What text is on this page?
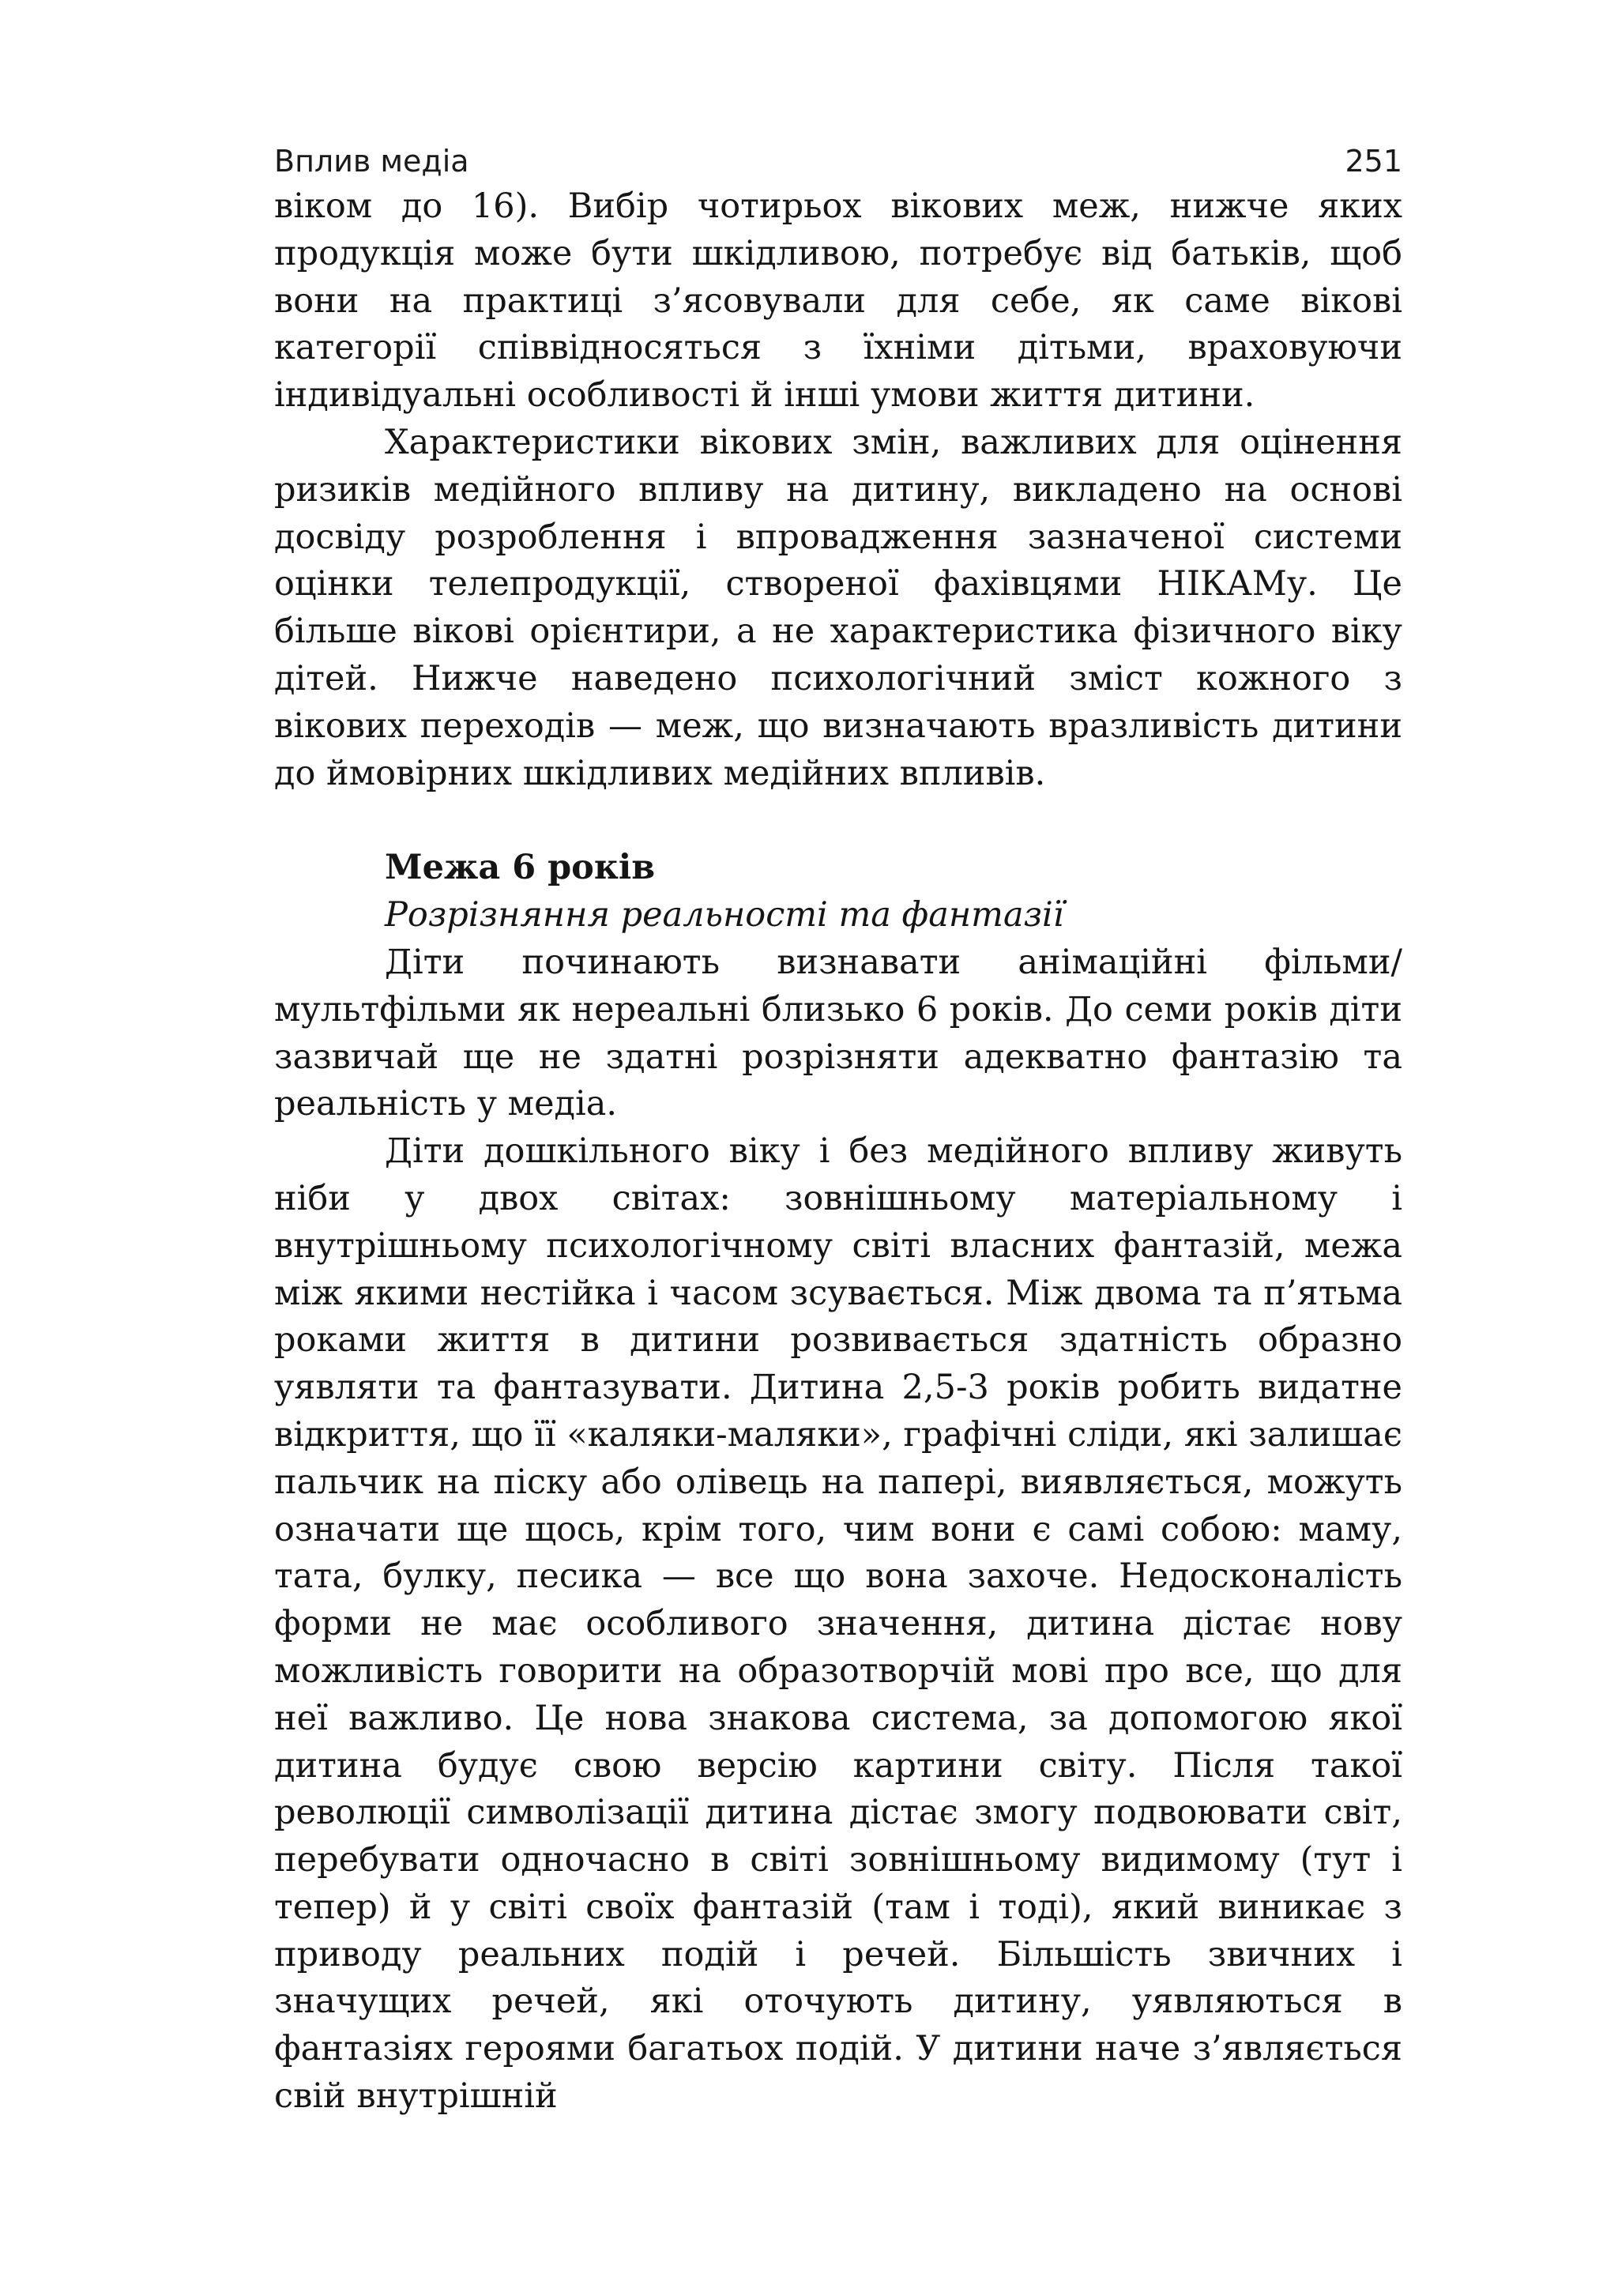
Вплив медіа	251

віком до 16). Вибір чотирьох вікових меж, нижче яких продукція може бути шкідливою, потребує від батьків, щоб вони на практиці з’ясовували для себе, як саме вікові категорії співвідносяться з їхніми дітьми, враховуючи індивідуальні особливості й інші умови життя дитини.

Характеристики вікових змін, важливих для оцінення ризиків медійного впливу на дитину, викладено на основі досвіду розроблення і впровадження зазначеної системи оцінки телепродукції, створеної фахівцями НІКАМу. Це більше вікові орієнтири, а не характеристика фізичного віку дітей. Нижче наведено психологічний зміст кожного з вікових переходів — меж, що визначають вразливість дитини до ймовірних шкідливих медійних впливів.

Межа 6 років

Розрізняння реальності та фантазії

Діти починають визнавати анімаційні фільми/мультфільми як нереальні близько 6 років. До семи років діти зазвичай ще не здатні розрізняти адекватно фантазію та реальність у медіа.

Діти дошкільного віку і без медійного впливу живуть ніби у двох світах: зовнішньому матеріальному і внутрішньому психологічному світі власних фантазій, межа між якими нестійка і часом зсувається. Між двома та п’ятьма роками життя в дитини розвивається здатність образно уявляти та фантазувати. Дитина 2,5-3 років робить видатне відкриття, що її «каляки-маляки», графічні сліди, які залишає пальчик на піску або олівець на папері, виявляється, можуть означати ще щось, крім того, чим вони є самі собою: маму, тата, булку, песика — все що вона захоче. Недосконалість форми не має особливого значення, дитина дістає нову можливість говорити на образотворчій мові про все, що для неї важливо. Це нова знакова система, за допомогою якої дитина будує свою версію картини світу. Після такої революції символізації дитина дістає змогу подвоювати світ, перебувати одночасно в світі зовнішньому видимому (тут і тепер) й у світі своїх фантазій (там і тоді), який виникає з приводу реальних подій і речей. Більшість звичних і значущих речей, які оточують дитину, уявляються в фантазіях героями багатьох подій. У дитини наче з’являється свій внутрішній
